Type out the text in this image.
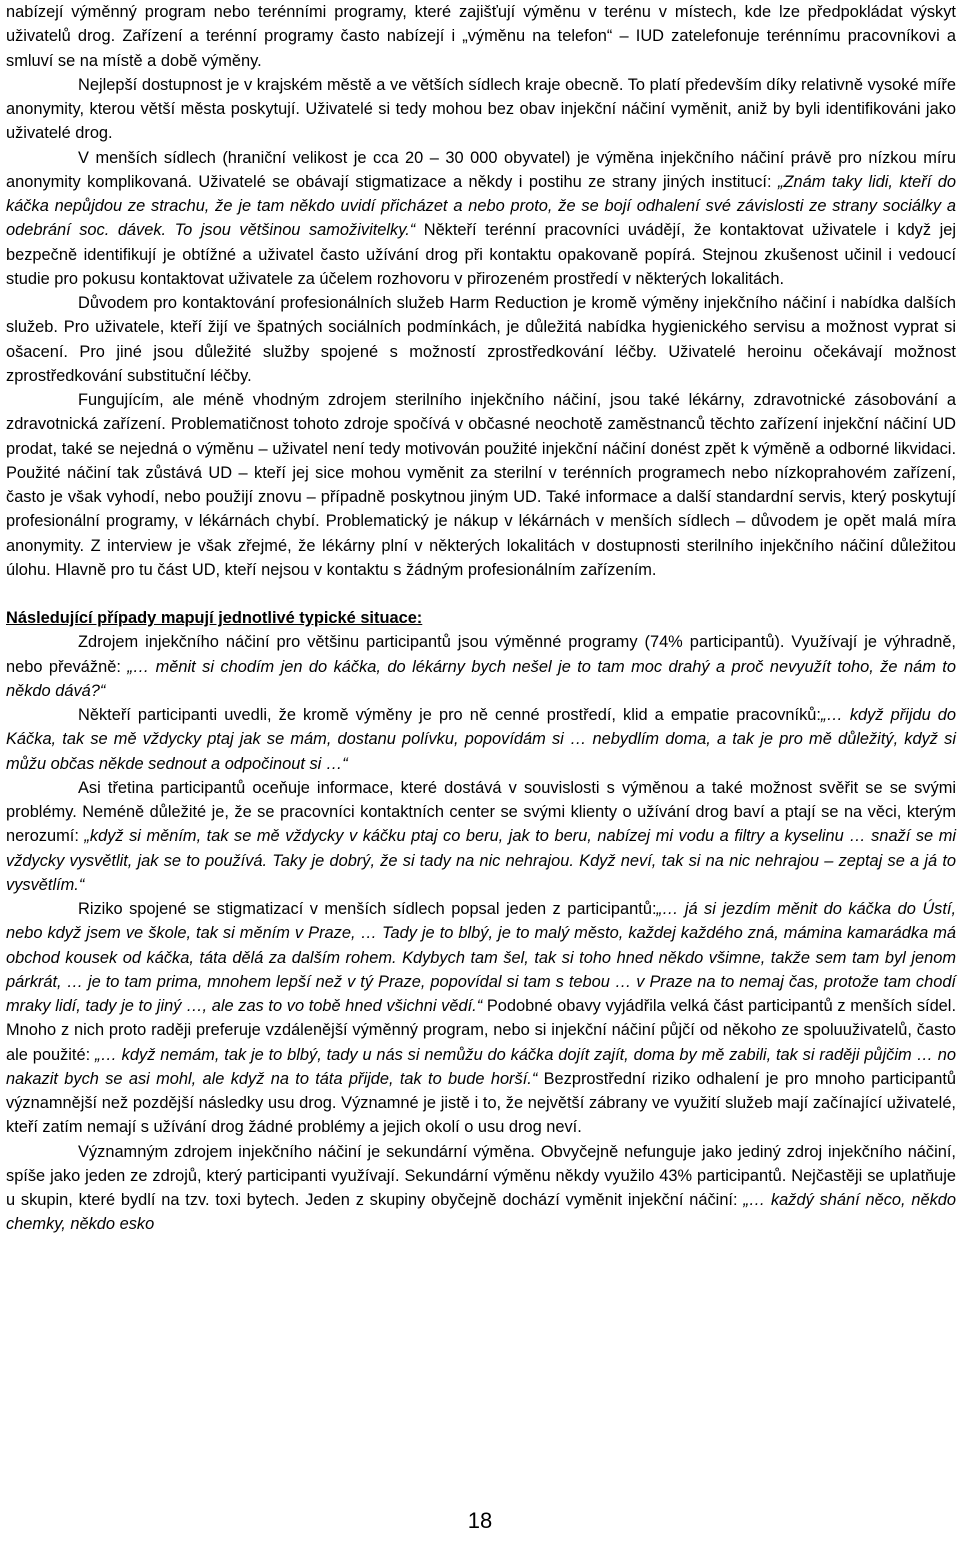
nabízejí výměnný program nebo terénními programy, které zajišťují výměnu v terénu v místech, kde lze předpokládat výskyt uživatelů drog. Zařízení a terénní programy často nabízejí i „výměnu na telefon“ – IUD zatelefonuje terénnímu pracovníkovi a smluví se na místě a době výměny.

Nejlepší dostupnost je v krajském městě a ve větších sídlech kraje obecně. To platí především díky relativně vysoké míře anonymity, kterou větší města poskytují. Uživatelé si tedy mohou bez obav injekční náčiní vyměnit, aniž by byli identifikováni jako uživatelé drog.

V menších sídlech (hraniční velikost je cca 20 – 30 000 obyvatel) je výměna injekčního náčiní právě pro nízkou míru anonymity komplikovaná. Uživatelé se obávají stigmatizace a někdy i postihu ze strany jiných institucí: „Znám taky lidi, kteří do káčka nepůjdou ze strachu, že je tam někdo uvidí přicházet a nebo proto, že se bojí odhalení své závislosti ze strany sociálky a odebrání soc. dávek. To jsou většinou samoživitelky.“ Někteří terénní pracovníci uvádějí, že kontaktovat uživatele i když jej bezpečně identifikují je obtížné a uživatel často užívání drog při kontaktu opakovaně popírá. Stejnou zkušenost učinil i vedoucí studie pro pokusu kontaktovat uživatele za účelem rozhovoru v přirozeném prostředí v některých lokalitách.

Důvodem pro kontaktování profesionálních služeb Harm Reduction je kromě výměny injekčního náčiní i nabídka dalších služeb. Pro uživatele, kteří žijí ve špatných sociálních podmínkách, je důležitá nabídka hygienického servisu a možnost vyprat si ošacení. Pro jiné jsou důležité služby spojené s možností zprostředkování léčby. Uživatelé heroinu očekávají možnost zprostředkování substituční léčby.

Fungujícím, ale méně vhodným zdrojem sterilního injekčního náčiní, jsou také lékárny, zdravotnické zásobování a zdravotnická zařízení. Problematičnost tohoto zdroje spočívá v občasné neochotě zaměstnanců těchto zařízení injekční náčiní UD prodat, také se nejedná o výměnu – uživatel není tedy motivován použité injekční náčiní donést zpět k výměně a odborné likvidaci. Použité náčiní tak zůstává UD – kteří jej sice mohou vyměnit za sterilní v terénních programech nebo nízkoprahovém zařízení, často je však vyhodí, nebo použijí znovu – případně poskytnou jiným UD. Také informace a další standardní servis, který poskytují profesionální programy, v lékárnách chybí. Problematický je nákup v lékárnách v menších sídlech – důvodem je opět malá míra anonymity. Z interview je však zřejmé, že lékárny plní v některých lokalitách v dostupnosti sterilního injekčního náčiní důležitou úlohu. Hlavně pro tu část UD, kteří nejsou v kontaktu s žádným profesionálním zařízením.

Následující případy mapují jednotlivé typické situace:

Zdrojem injekčního náčiní pro většinu participantů jsou výměnné programy (74% participantů). Využívají je výhradně, nebo převážně: „… měnit si chodím jen do káčka, do lékárny bych nešel je to tam moc drahý a proč nevyužít toho, že nám to někdo dává?“

Někteří participanti uvedli, že kromě výměny je pro ně cenné prostředí, klid a empatie pracovníků:„… když přijdu do Káčka, tak se mě vždycky ptaj jak se mám, dostanu polívku, popovídám si … nebydlím doma, a tak je pro mě důležitý, když si můžu občas někde sednout a odpočinout si …“

Asi třetina participantů oceňuje informace, které dostává v souvislosti s výměnou a také možnost svěřit se se svými problémy. Neméně důležité je, že se pracovníci kontaktních center se svými klienty o užívání drog baví a ptají se na věci, kterým nerozumí: „když si měním, tak se mě vždycky v káčku ptaj co beru, jak to beru, nabízej mi vodu a filtry a kyselinu … snaží se mi vždycky vysvětlit, jak se to používá. Taky je dobrý, že si tady na nic nehrajou. Když neví, tak si na nic nehrajou – zeptaj se a já to vysvětlím.“

Riziko spojené se stigmatizací v menších sídlech popsal jeden z participantů:„… já si jezdím měnit do káčka do Ústí, nebo když jsem ve škole, tak si měním v Praze, … Tady je to blbý, je to malý město, každej každého zná, mámina kamarádka má obchod kousek od káčka, táta dělá za dalším rohem. Kdybych tam šel, tak si toho hned někdo všimne, takže sem tam byl jenom párkrát, … je to tam prima, mnohem lepší než v tý Praze, popovídal si tam s tebou … v Praze na to nemaj čas, protože tam chodí mraky lidí, tady je to jiný …, ale zas to vo tobě hned všichni vědí.“ Podobné obavy vyjádřila velká část participantů z menších sídel. Mnoho z nich proto raději preferuje vzdálenější výměnný program, nebo si injekční náčiní půjčí od někoho ze spoluuživatelů, často ale použité: „… když nemám, tak je to blbý, tady u nás si nemůžu do káčka dojít zajít, doma by mě zabili, tak si raději půjčim … no nakazit bych se asi mohl, ale když na to táta přijde, tak to bude horší.“ Bezprostřední riziko odhalení je pro mnoho participantů významnější než pozdější následky usu drog. Významné je jistě i to, že největší zábrany ve využití služeb mají začínající uživatelé, kteří zatím nemají s užívání drog žádné problémy a jejich okolí o usu drog neví.

Významným zdrojem injekčního náčiní je sekundární výměna. Obvyčejně nefunguje jako jediný zdroj injekčního náčiní, spíše jako jeden ze zdrojů, který participanti využívají. Sekundární výměnu někdy využilo 43% participantů. Nejčastěji se uplatňuje u skupin, které bydlí na tzv. toxi bytech. Jeden z skupiny obyčejně dochází vyměnit injekční náčiní: „… každý shání něco, někdo chemky, někdo esko

18
